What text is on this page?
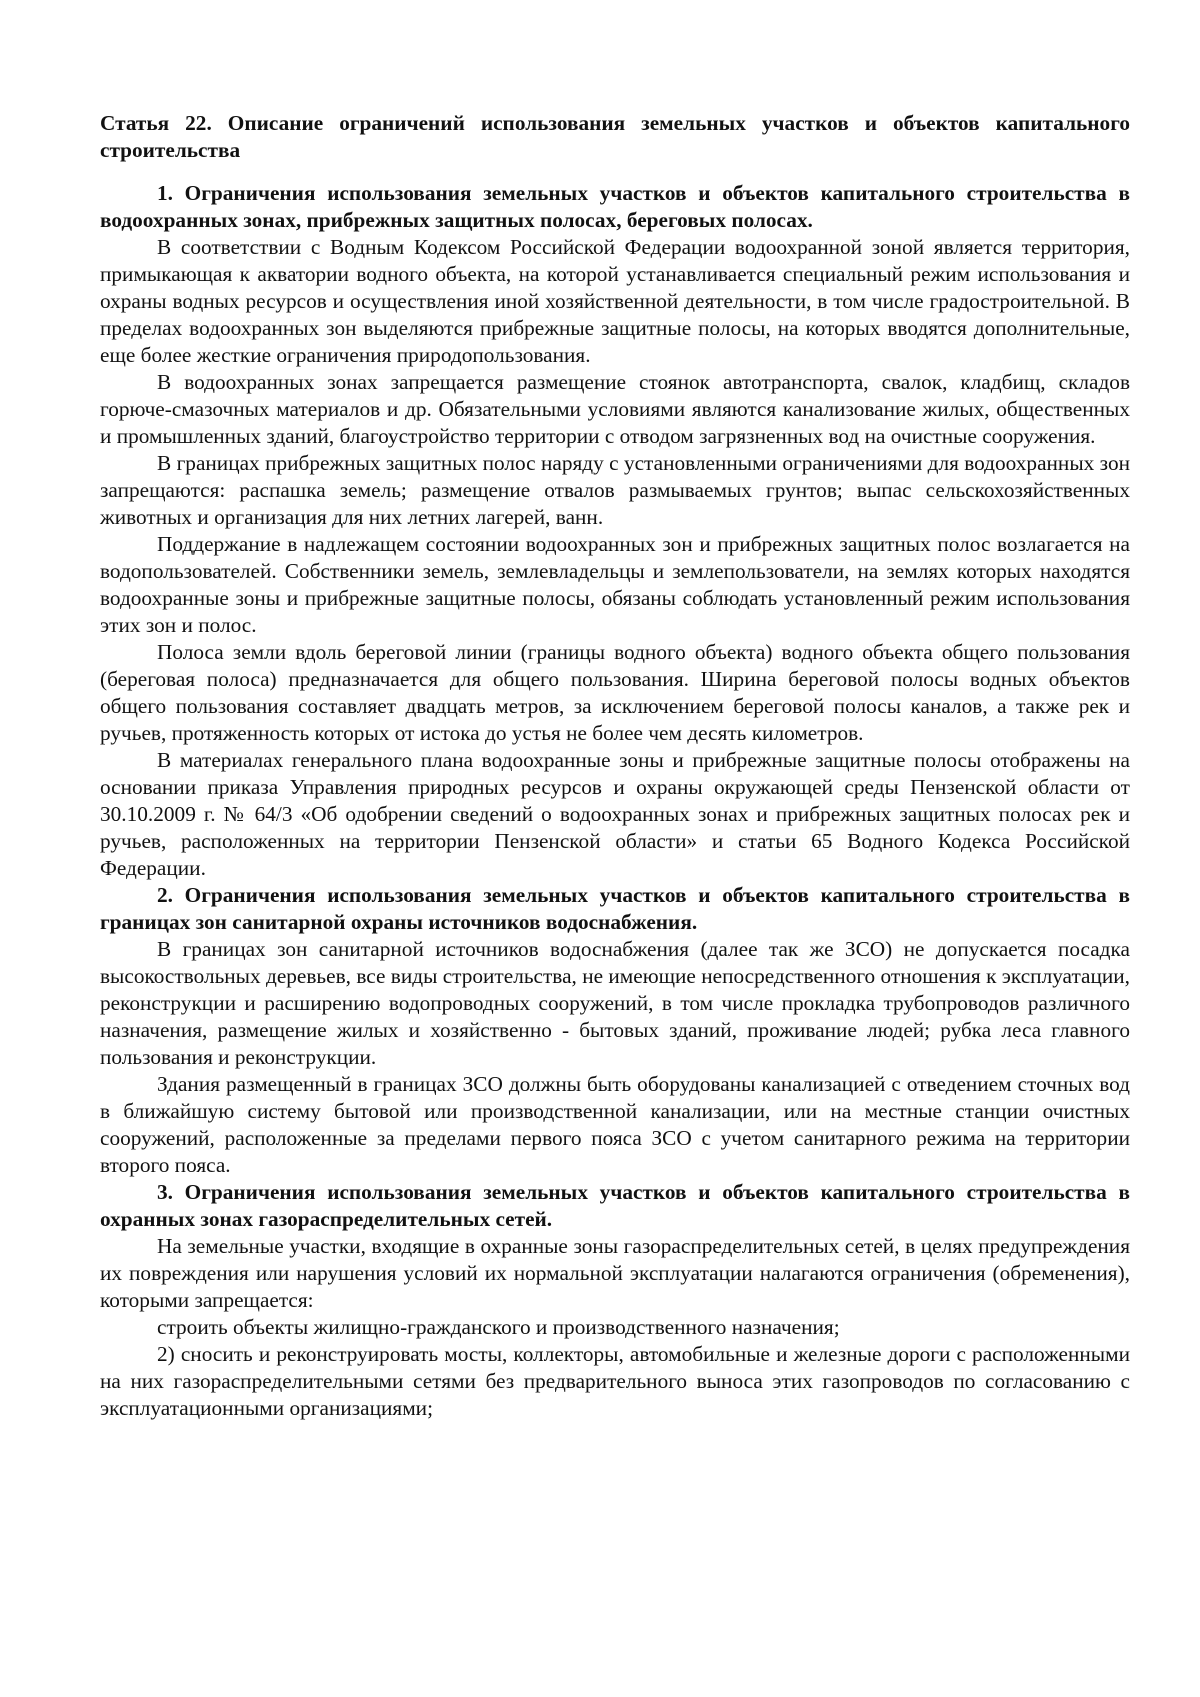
Статья 22. Описание ограничений использования земельных участков и объектов капитального строительства

1. Ограничения использования земельных участков и объектов капитального строительства в водоохранных зонах, прибрежных защитных полосах, береговых полосах.

В соответствии с Водным Кодексом Российской Федерации водоохранной зоной является территория, примыкающая к акватории водного объекта, на которой устанавливается специальный режим использования и охраны водных ресурсов и осуществления иной хозяйственной деятельности, в том числе градостроительной. В пределах водоохранных зон выделяются прибрежные защитные полосы, на которых вводятся дополнительные, еще более жесткие ограничения природопользования.

В водоохранных зонах запрещается размещение стоянок автотранспорта, свалок, кладбищ, складов горюче-смазочных материалов и др. Обязательными условиями являются канализование жилых, общественных и промышленных зданий, благоустройство территории с отводом загрязненных вод на очистные сооружения.

В границах прибрежных защитных полос наряду с установленными ограничениями для водоохранных зон запрещаются: распашка земель; размещение отвалов размываемых грунтов; выпас сельскохозяйственных животных и организация для них летних лагерей, ванн.

Поддержание в надлежащем состоянии водоохранных зон и прибрежных защитных полос возлагается на водопользователей. Собственники земель, землевладельцы и землепользователи, на землях которых находятся водоохранные зоны и прибрежные защитные полосы, обязаны соблюдать установленный режим использования этих зон и полос.

Полоса земли вдоль береговой линии (границы водного объекта) водного объекта общего пользования (береговая полоса) предназначается для общего пользования. Ширина береговой полосы водных объектов общего пользования составляет двадцать метров, за исключением береговой полосы каналов, а также рек и ручьев, протяженность которых от истока до устья не более чем десять километров.

В материалах генерального плана водоохранные зоны и прибрежные защитные полосы отображены на основании приказа Управления природных ресурсов и охраны окружающей среды Пензенской области от 30.10.2009 г. № 64/3 «Об одобрении сведений о водоохранных зонах и прибрежных защитных полосах рек и ручьев, расположенных на территории Пензенской области» и статьи 65 Водного Кодекса Российской Федерации.

2. Ограничения использования земельных участков и объектов капитального строительства в границах зон санитарной охраны источников водоснабжения.

В границах зон санитарной источников водоснабжения (далее так же ЗСО) не допускается посадка высокоствольных деревьев, все виды строительства, не имеющие непосредственного отношения к эксплуатации, реконструкции и расширению водопроводных сооружений, в том числе прокладка трубопроводов различного назначения, размещение жилых и хозяйственно - бытовых зданий, проживание людей; рубка леса главного пользования и реконструкции.

Здания размещенный в границах ЗСО должны быть оборудованы канализацией с отведением сточных вод в ближайшую систему бытовой или производственной канализации, или на местные станции очистных сооружений, расположенные за пределами первого пояса ЗСО с учетом санитарного режима на территории второго пояса.

3. Ограничения использования земельных участков и объектов капитального строительства в охранных зонах газораспределительных сетей.

На земельные участки, входящие в охранные зоны газораспределительных сетей, в целях предупреждения их повреждения или нарушения условий их нормальной эксплуатации налагаются ограничения (обременения), которыми запрещается:

строить объекты жилищно-гражданского и производственного назначения;

2) сносить и реконструировать мосты, коллекторы, автомобильные и железные дороги с расположенными на них газораспределительными сетями без предварительного выноса этих газопроводов по согласованию с эксплуатационными организациями;
